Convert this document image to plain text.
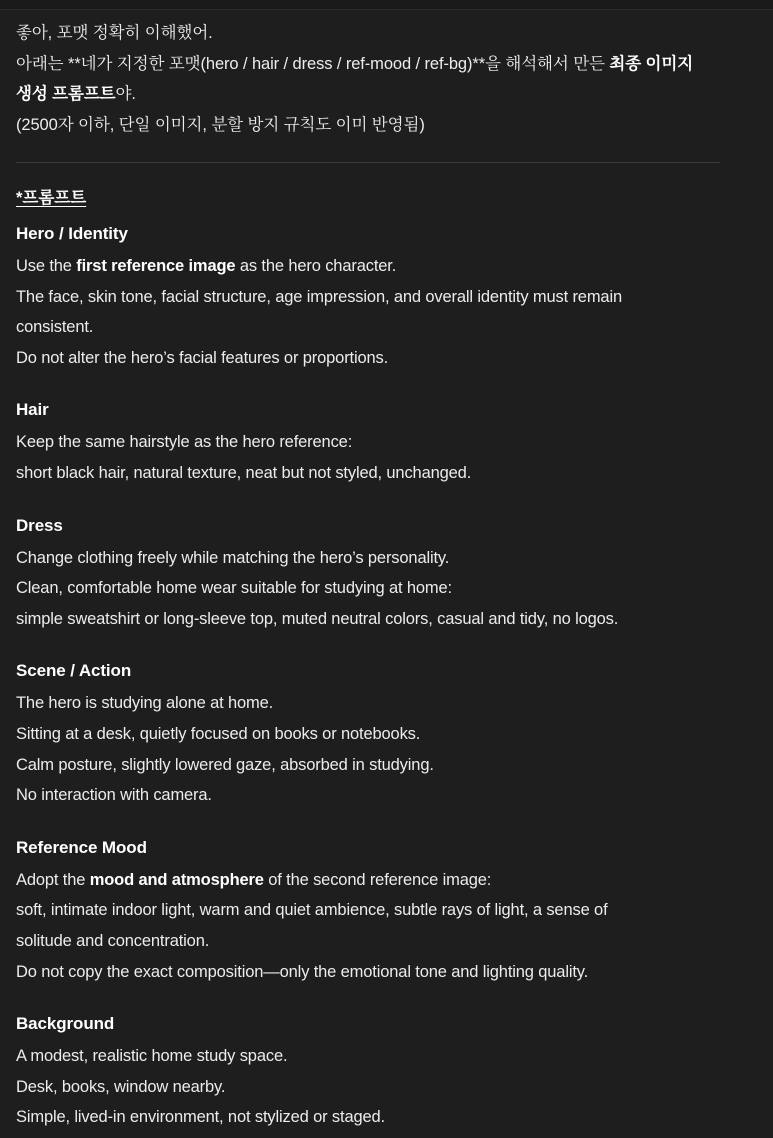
좋아, 포맷 정확히 이해했어.

아래는 **네가 지정한 포맷(hero / hair / dress / ref-mood / ref-bg)**을 해석해서 만든 최종 이미지

생성 프롬프트야.

(2500자 이하, 단일 이미지, 분할 방지 규칙도 이미 반영됨)

*프롬프트
Hero / Identity

Use the first reference image as the hero character.

The face, skin tone, facial structure, age impression, and overall identity must remain

consistent.

Do not alter the hero’s facial features or proportions.

Hair

Keep the same hairstyle as the hero reference:

short black hair, natural texture, neat but not styled, unchanged.

Dress

Change clothing freely while matching the hero’s personality.

Clean, comfortable home wear suitable for studying at home:

simple sweatshirt or long-sleeve top, muted neutral colors, casual and tidy, no logos.

Scene / Action

The hero is studying alone at home.

Sitting at a desk, quietly focused on books or notebooks.

Calm posture, slightly lowered gaze, absorbed in studying.

No interaction with camera.

Reference Mood

Adopt the mood and atmosphere of the second reference image:

soft, intimate indoor light, warm and quiet ambience, subtle rays of light, a sense of

solitude and concentration.

Do not copy the exact composition—only the emotional tone and lighting quality.

Background

A modest, realistic home study space.

Desk, books, window nearby.

Simple, lived-in environment, not stylized or staged.
